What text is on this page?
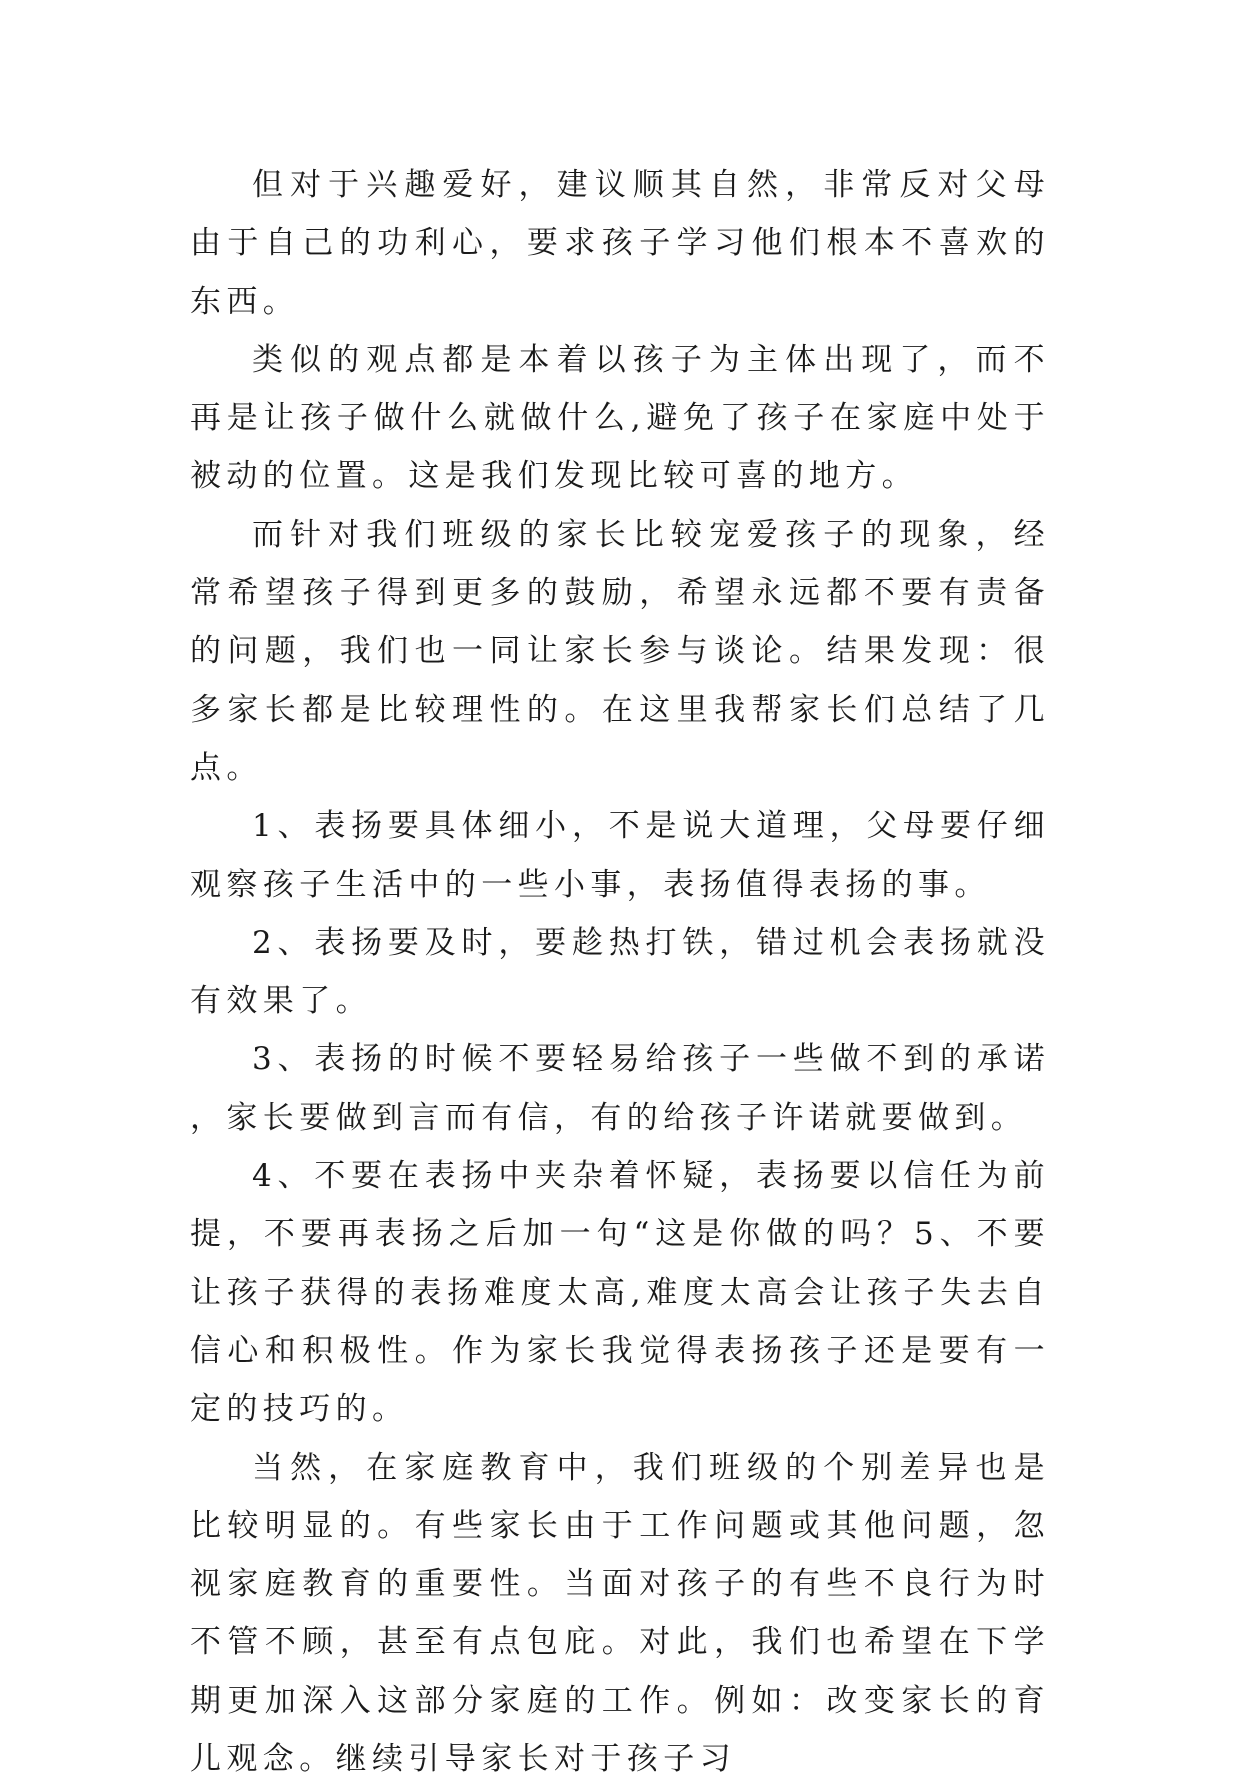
但对于兴趣爱好，建议顺其自然，非常反对父母由于自己的功利心，要求孩子学习他们根本不喜欢的东西。

类似的观点都是本着以孩子为主体出现了，而不再是让孩子做什么就做什么,避免了孩子在家庭中处于被动的位置。这是我们发现比较可喜的地方。

而针对我们班级的家长比较宠爱孩子的现象，经常希望孩子得到更多的鼓励，希望永远都不要有责备的问题，我们也一同让家长参与谈论。结果发现：很多家长都是比较理性的。在这里我帮家长们总结了几点。

1、表扬要具体细小，不是说大道理，父母要仔细观察孩子生活中的一些小事，表扬值得表扬的事。

2、表扬要及时，要趁热打铁，错过机会表扬就没有效果了。

3、表扬的时候不要轻易给孩子一些做不到的承诺，家长要做到言而有信，有的给孩子许诺就要做到。

4、不要在表扬中夹杂着怀疑，表扬要以信任为前提，不要再表扬之后加一句“这是你做的吗？5、不要让孩子获得的表扬难度太高,难度太高会让孩子失去自信心和积极性。作为家长我觉得表扬孩子还是要有一定的技巧的。

当然，在家庭教育中，我们班级的个别差异也是比较明显的。有些家长由于工作问题或其他问题，忽视家庭教育的重要性。当面对孩子的有些不良行为时不管不顾，甚至有点包庇。对此，我们也希望在下学期更加深入这部分家庭的工作。例如：改变家长的育儿观念。继续引导家长对于孩子习
